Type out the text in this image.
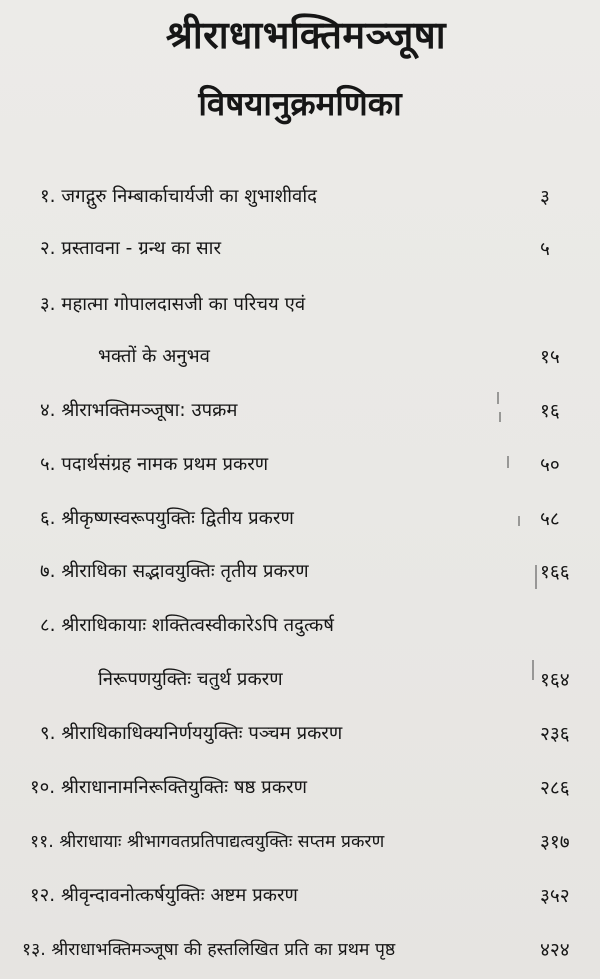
श्रीराधाभक्तिमञ्जूषा
विषयानुक्रमणिका
१. जगद्गुरु निम्बार्काचार्यजी का शुभाशीर्वाद	३
२. प्रस्तावना - ग्रन्थ का सार	५
३. महात्मा गोपालदासजी का परिचय एवं
भक्तों के अनुभव	१५
४. श्रीराभक्तिमञ्जूषा: उपक्रम	१६
५. पदार्थसंग्रह नामक प्रथम प्रकरण	५०
६. श्रीकृष्णस्वरूपयुक्तिः द्वितीय प्रकरण	५८
७. श्रीराधिका सद्भावयुक्तिः तृतीय प्रकरण	१६६
८. श्रीराधिकायाः शक्तित्वस्वीकारेऽपि तदुत्कर्ष
निरूपणयुक्तिः चतुर्थ प्रकरण	१६४
९. श्रीराधिकाधिक्यनिर्णययुक्तिः पञ्चम प्रकरण	२३६
१०. श्रीराधानामनिरूक्तियुक्तिः षष्ठ प्रकरण	२८६
११. श्रीराधायाः श्रीभागवतप्रतिपाद्यत्वयुक्तिः सप्तम प्रकरण	३१७
१२. श्रीवृन्दावनोत्कर्षयुक्तिः अष्टम प्रकरण	३५२
१३. श्रीराधाभक्तिमञ्जूषा की हस्तलिखित प्रति का प्रथम पृष्ठ	४२४
